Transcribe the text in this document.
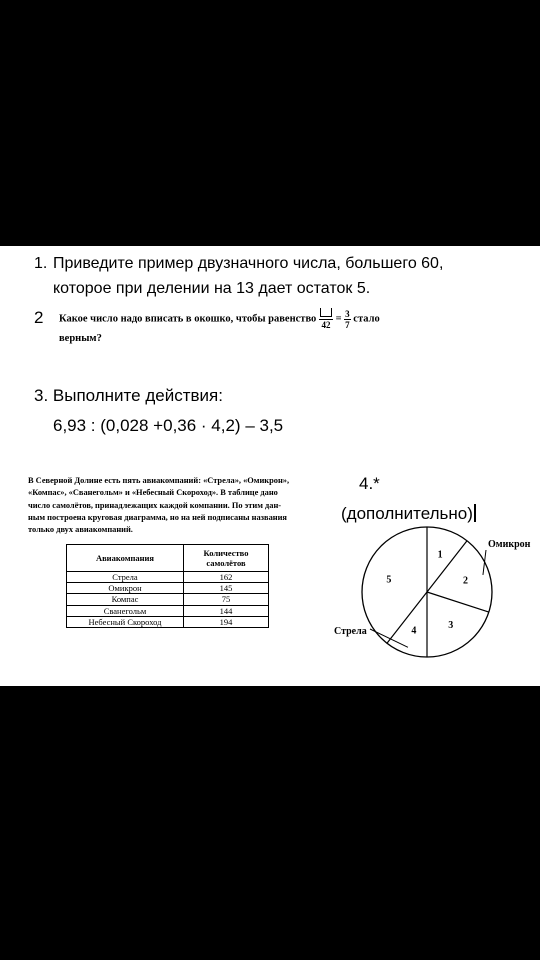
1. Приведите пример двузначного числа, большего 60,
которое при делении на 13 дает остаток 5.
2 Какое число надо вписать в окошко, чтобы равенство
42
= $\frac{3}{7}$ стало
верным?
3. Выполните действия:
6,93 : (0,028 +0,36 · 4,2) – 3,5
4.*
(дополнительно)
В Северной Долине есть пять авиакомпаний: «Стрела», «Омикрон»,
«Компас», «Сванегольм» и «Небесный Скороход». В таблице дано
число самолётов, принадлежащих каждой компании. По этим дан-
ным построена круговая диаграмма, но на ней подписаны названия
только двух авиакомпаний.
Авиакомпания	Количество самолётов
Стрела	162
Омикрон	145
Компас	75
Сванегольм	144
Небесный Скороход	194
1
2
3
4
5
Омикрон
Стрела
Какой авиакомпании соответствует сектор 3?
